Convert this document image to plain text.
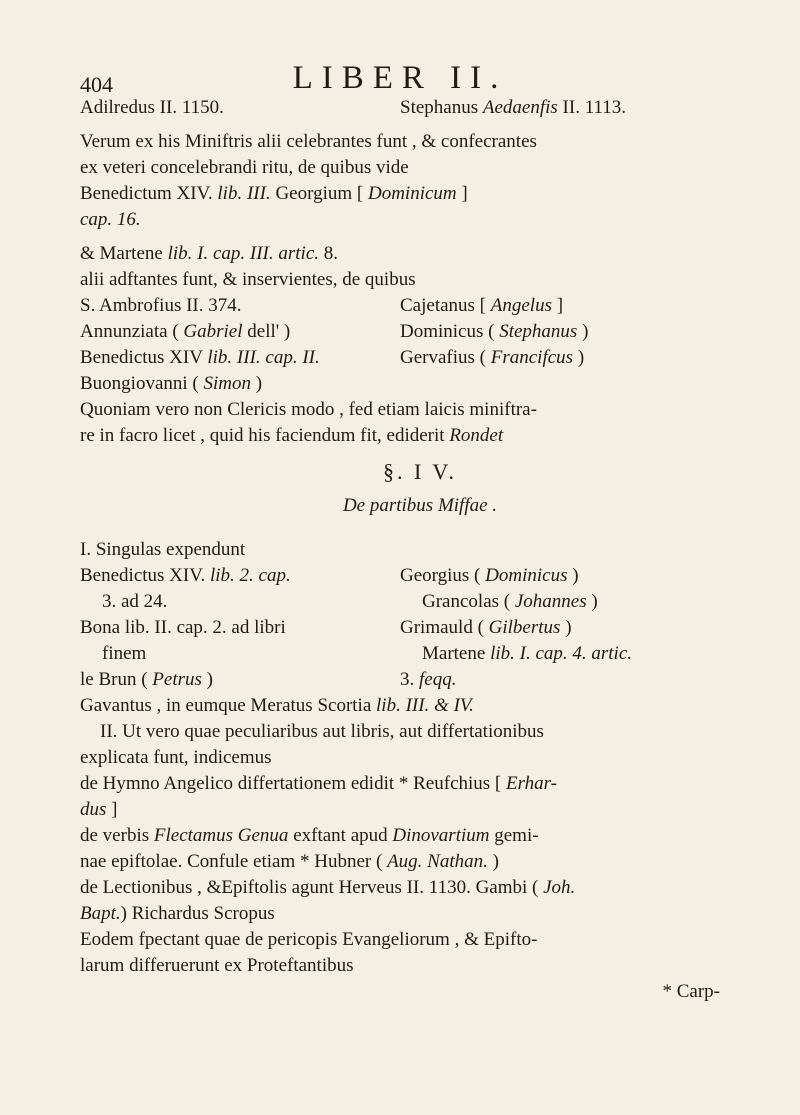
404	LIBER II.
Adilredus II. 1150.	Stephanus Aedaenfis II. 1113.
Verum ex his Miniftris alii celebrantes funt , & confecrantes
ex veteri concelebrandi ritu, de quibus vide
Benedictum XIV. lib. III. Georgium [ Dominicum ]
cap. 16.
& Martene lib. I. cap. III. artic. 8.
alii adftantes funt, & inservientes, de quibus
S. Ambrofius II. 374.	Cajetanus [ Angelus ]
Annunziata ( Gabriel dell' )	Dominicus ( Stephanus )
Benedictus XIV lib. III. cap. II.	Gervafius ( Francifcus )
Buongiovanni ( Simon )
Quoniam vero non Clericis modo , fed etiam laicis miniftra-
re in facro licet , quid his faciendum fit, ediderit Rondet
§. I V.
De partibus Miffae .
I. Singulas expendunt
Benedictus XIV. lib. 2. cap.	Georgius ( Dominicus )
3. ad 24.	Grancolas ( Johannes )
Bona lib. II. cap. 2. ad libri	Grimauld ( Gilbertus )
finem	Martene lib. I. cap. 4. artic.
le Brun ( Petrus )	3. feqq.
Gavantus , in eumque Meratus Scortia lib. III. & IV.
II. Ut vero quae peculiaribus aut libris, aut differtationibus
explicata funt, indicemus
de Hymno Angelico differtationem edidit * Reufchius [ Erhar-
dus ]
de verbis Flectamus Genua exftant apud Dinovartium gemi-
nae epiftolae. Confule etiam * Hubner ( Aug. Nathan. )
de Lectionibus , &Epiftolis agunt Herveus II. 1130. Gambi ( Joh.
Bapt.) Richardus Scropus
Eodem fpectant quae de pericopis Evangeliorum , & Epifto-
larum differuerunt ex Proteftantibus
* Carp-
